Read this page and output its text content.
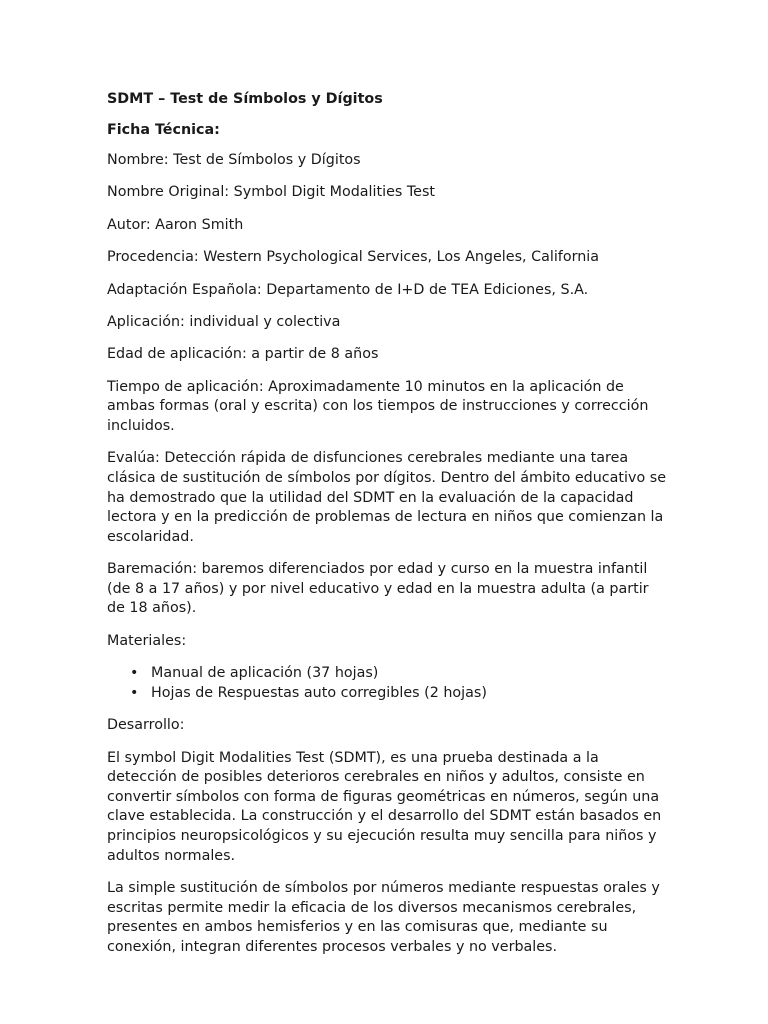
SDMT – Test de Símbolos y Dígitos
Ficha Técnica:

Nombre: Test de Símbolos y Dígitos

Nombre Original: Symbol Digit Modalities Test

Autor: Aaron Smith

Procedencia: Western Psychological Services, Los Angeles, California

Adaptación Española: Departamento de I+D de TEA Ediciones, S.A.

Aplicación: individual y colectiva

Edad de aplicación: a partir de 8 años

Tiempo de aplicación: Aproximadamente 10 minutos en la aplicación de ambas formas (oral y escrita) con los tiempos de instrucciones y corrección incluidos.

Evalúa: Detección rápida de disfunciones cerebrales mediante una tarea clásica de sustitución de símbolos por dígitos. Dentro del ámbito educativo se ha demostrado que la utilidad del SDMT en la evaluación de la capacidad lectora y en la predicción de problemas de lectura en niños que comienzan la escolaridad.

Baremación: baremos diferenciados por edad y curso en la muestra infantil (de 8 a 17 años) y por nivel educativo y edad en la muestra adulta (a partir de 18 años).

Materiales:

• Manual de aplicación (37 hojas)
• Hojas de Respuestas auto corregibles (2 hojas)

Desarrollo:

El symbol Digit Modalities Test (SDMT), es una prueba destinada a la detección de posibles deterioros cerebrales en niños y adultos, consiste en convertir símbolos con forma de figuras geométricas en números, según una clave establecida. La construcción y el desarrollo del SDMT están basados en principios neuropsicológicos y su ejecución resulta muy sencilla para niños y adultos normales.

La simple sustitución de símbolos por números mediante respuestas orales y escritas permite medir la eficacia de los diversos mecanismos cerebrales, presentes en ambos hemisferios y en las comisuras que, mediante su conexión, integran diferentes procesos verbales y no verbales.
